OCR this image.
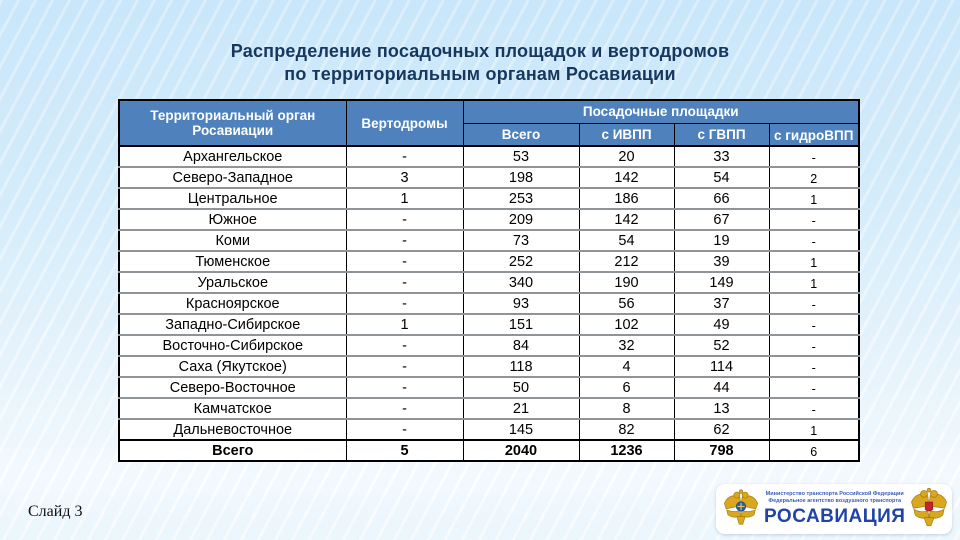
Распределение посадочных площадок и вертодромов
по территориальным органам Росавиации
Территориальный орган Росавиации	Вертодромы	Посадочные площадки			
		Всего	с ИВПП	с ГВПП	с гидроВПП
Архангельское	-	53	20	33	-
Северо-Западное	3	198	142	54	2
Центральное	1	253	186	66	1
Южное	-	209	142	67	-
Коми	-	73	54	19	-
Тюменское	-	252	212	39	1
Уральское	-	340	190	149	1
Красноярское	-	93	56	37	-
Западно-Сибирское	1	151	102	49	-
Восточно-Сибирское	-	84	32	52	-
Саха (Якутское)	-	118	4	114	-
Северо-Восточное	-	50	6	44	-
Камчатское	-	21	8	13	-
Дальневосточное	-	145	82	62	1
Всего	5	2040	1236	798	6
Слайд 3
Министерство транспорта Российской Федерации
Федеральное агентство воздушного транспорта
РОСАВИАЦИЯ
